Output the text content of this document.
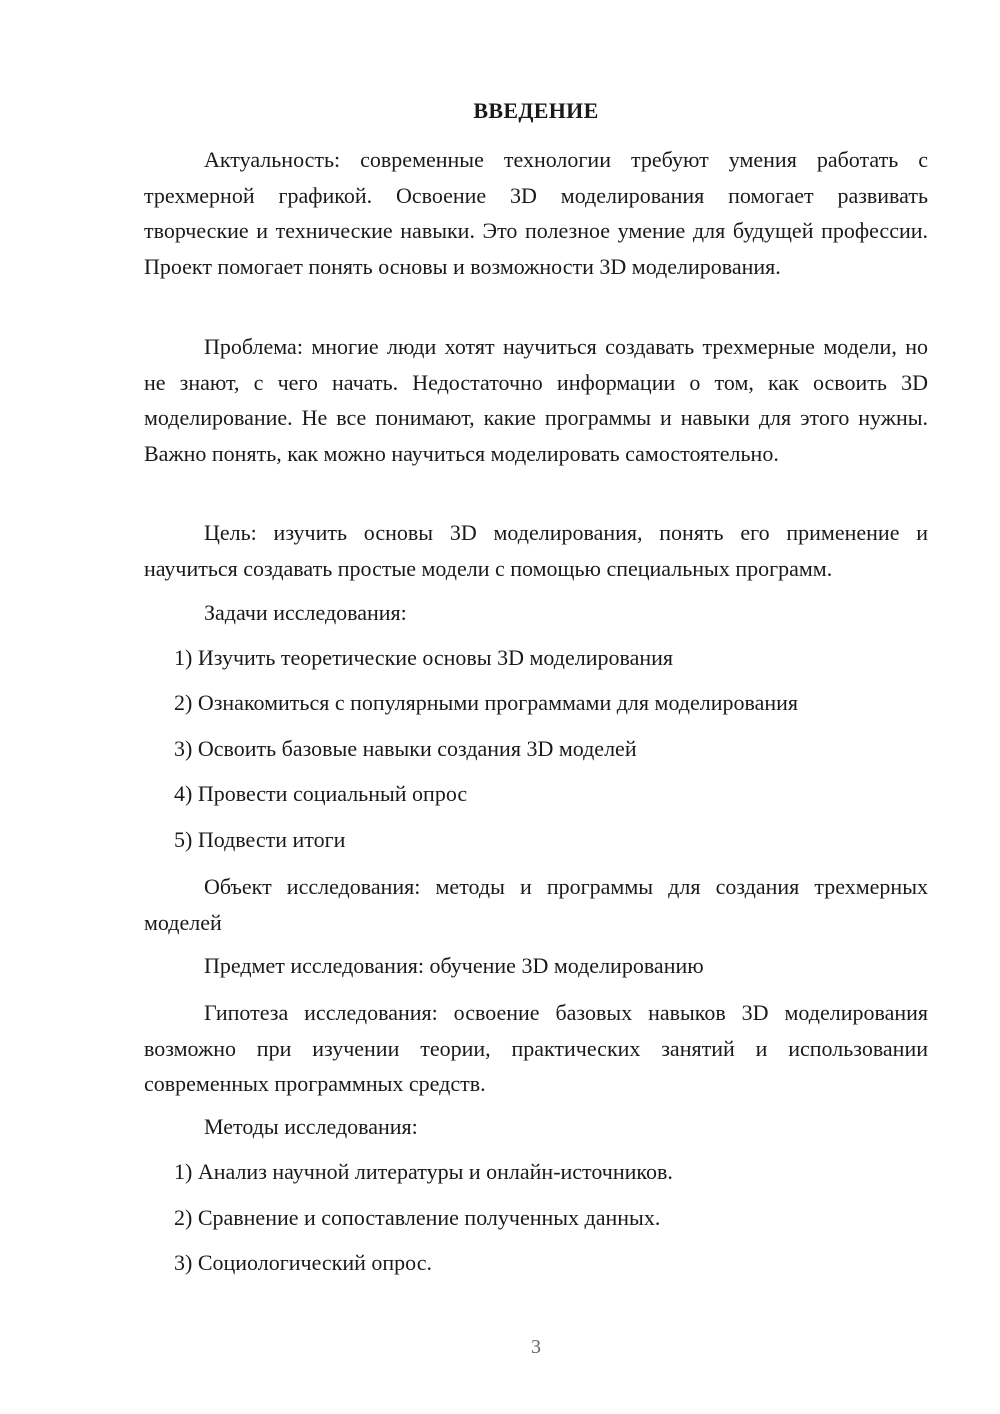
ВВЕДЕНИЕ

Актуальность: современные технологии требуют умения работать с трехмерной графикой. Освоение 3D моделирования помогает развивать творческие и технические навыки. Это полезное умение для будущей профессии. Проект помогает понять основы и возможности 3D моделирования.

Проблема: многие люди хотят научиться создавать трехмерные модели, но не знают, с чего начать. Недостаточно информации о том, как освоить 3D моделирование. Не все понимают, какие программы и навыки для этого нужны. Важно понять, как можно научиться моделировать самостоятельно.

Цель: изучить основы 3D моделирования, понять его применение и научиться создавать простые модели с помощью специальных программ.

Задачи исследования:
1) Изучить теоретические основы 3D моделирования
2) Ознакомиться с популярными программами для моделирования
3) Освоить базовые навыки создания 3D моделей
4) Провести социальный опрос
5) Подвести итоги

Объект исследования: методы и программы для создания трехмерных моделей

Предмет исследования: обучение 3D моделированию

Гипотеза исследования: освоение базовых навыков 3D моделирования возможно при изучении теории, практических занятий и использовании современных программных средств.

Методы исследования:
1) Анализ научной литературы и онлайн-источников.
2) Сравнение и сопоставление полученных данных.
3) Социологический опрос.
3
